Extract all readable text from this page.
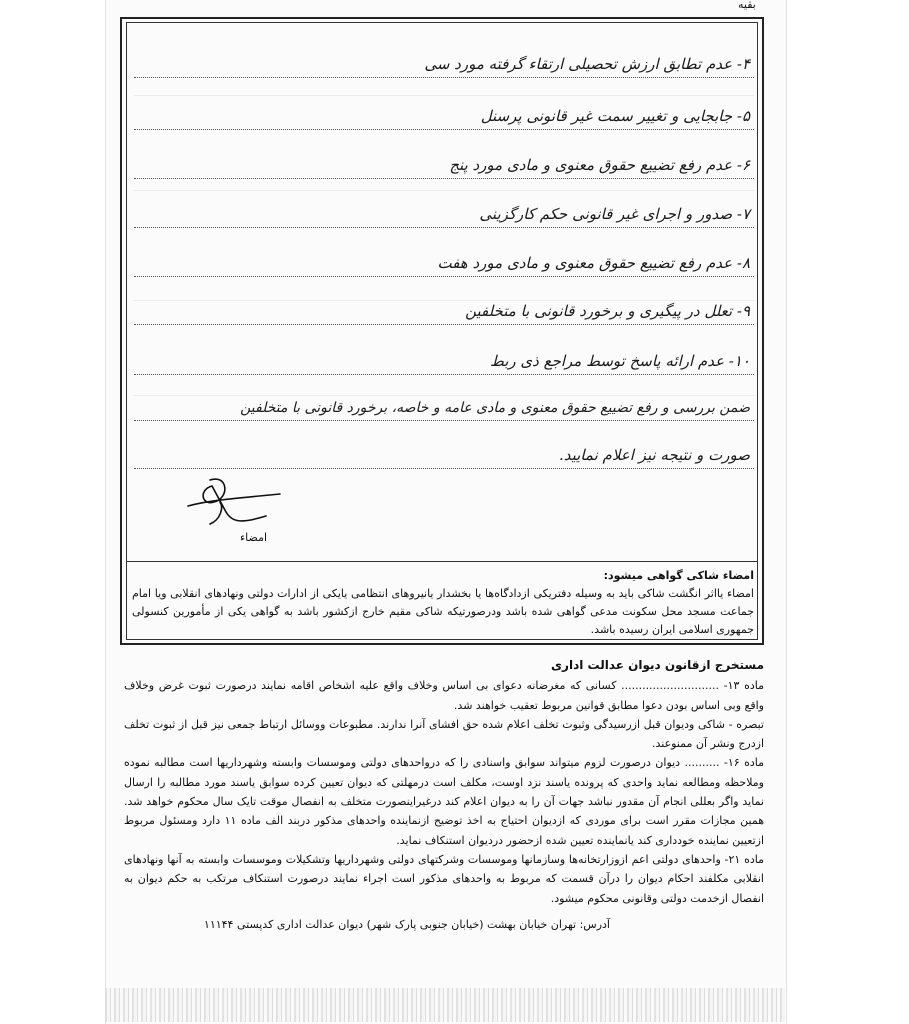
بقیه
۴- عدم تطابق ارزش تحصیلی ارتقاء گرفته مورد سی
۵- جابجایی و تغییر سمت غیر قانونی پرسنل
۶- عدم رفع تضییع حقوق معنوی و مادی مورد پنج
۷- صدور و اجرای غیر قانونی حکم کارگزینی
۸- عدم رفع تضییع حقوق معنوی و مادی مورد هفت
۹- تعلل در پیگیری و برخورد قانونی با متخلفین
۱۰- عدم ارائه پاسخ توسط مراجع ذی ربط
ضمن بررسی و رفع تضییع حقوق معنوی و مادی عامه و خاصه، برخورد قانونی با متخلفین
صورت و نتیجه نیز اعلام نمایید.
امضاء
امضاء شاکی گواهی میشود:
امضاء یااثر انگشت شاکی باید به وسیله دفتریکی ازدادگاه‌ها یا بخشدار یانیروهای انتظامی یایکی از ادارات دولتی ونهادهای انقلابی ویا امام جماعت مسجد محل سکونت مدعی گواهی شده باشد ودرصورتیکه شاکی مقیم خارج ازکشور باشد به گواهی یکی از مأمورین کنسولی جمهوری اسلامی ایران رسیده باشد.
مستخرج ازقانون دیوان عدالت اداری

ماده ۱۳- ............................ کسانی که مغرضانه دعوای بی اساس وخلاف واقع علیه اشخاص اقامه نمایند درصورت ثبوت غرض وخلاف واقع وبی اساس بودن دعوا مطابق قوانین مربوط تعقیب خواهند شد.

تبصره - شاکی ودیوان قبل ازرسیدگی وثبوت تخلف اعلام شده حق افشای آنرا ندارند. مطبوعات ووسائل ارتباط جمعی نیز قبل از ثبوت تخلف ازدرج ونشر آن ممنوعند.

ماده ۱۶- .......... دیوان درصورت لزوم میتواند سوابق واسنادی را که درواحدهای دولتی وموسسات وابسته وشهرداریها است مطالبه نموده وملاحظه ومطالعه نماید واحدی که پرونده یاسند نزد اوست، مکلف است درمهلتی که دیوان تعیین کرده سوابق یاسند مورد مطالبه را ارسال نماید واگر بعللی انجام آن مقدور نباشد جهات آن را به دیوان اعلام کند درغیراینصورت متخلف به انفصال موقت تایک سال محکوم خواهد شد. همین مجازات مقرر است برای موردی که ازدیوان احتیاج به اخذ توضیح ازنماینده واحدهای مذکور دربند الف ماده ۱۱ دارد ومسئول مربوط ازتعیین نماینده خودداری کند یانماینده تعیین شده ازحضور دردیوان استنکاف نماید.

ماده ۲۱- واحدهای دولتی اعم ازوزارتخانه‌ها وسازمانها وموسسات وشرکتهای دولتی وشهرداریها وتشکیلات وموسسات وابسته به آنها ونهادهای انقلابی مکلفند احکام دیوان را درآن قسمت که مربوط به واحدهای مذکور است اجراء نمایند درصورت استنکاف مرتکب به حکم دیوان به انفصال ازخدمت دولتی وقانونی محکوم میشود.

آدرس: تهران خیابان بهشت (خیابان جنوبی پارک شهر) دیوان عدالت اداری کدپستی ۱۱۱۴۴
